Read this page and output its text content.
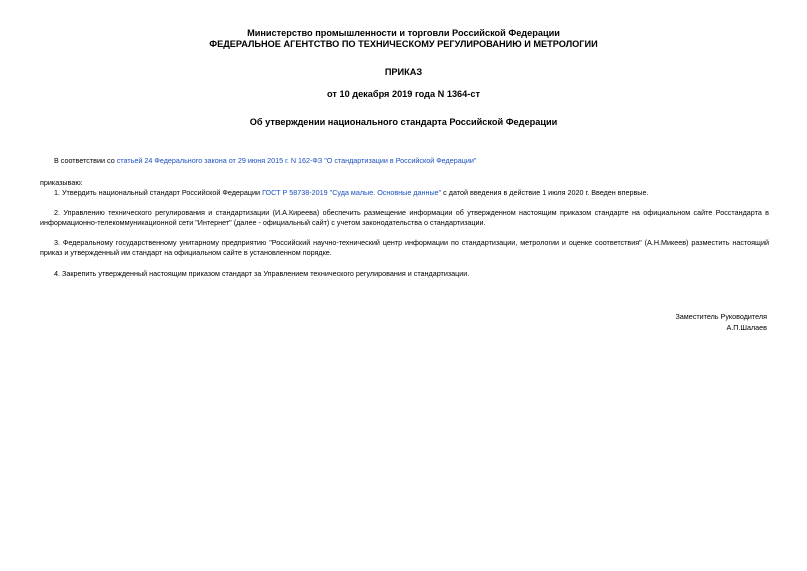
Министерство промышленности и торговли Российской Федерации
ФЕДЕРАЛЬНОЕ АГЕНТСТВО ПО ТЕХНИЧЕСКОМУ РЕГУЛИРОВАНИЮ И МЕТРОЛОГИИ
ПРИКАЗ
от 10 декабря 2019 года N 1364-ст
Об утверждении национального стандарта Российской Федерации
В соответствии со статьей 24 Федерального закона от 29 июня 2015 г. N 162-ФЗ "О стандартизации в Российской Федерации"
приказываю:
1. Утвердить национальный стандарт Российской Федерации ГОСТ Р 58738-2019 "Суда малые. Основные данные" с датой введения в действие 1 июля 2020 г. Введен впервые.
2. Управлению технического регулирования и стандартизации (И.А.Киреева) обеспечить размещение информации об утвержденном настоящим приказом стандарте на официальном сайте Росстандарта в информационно-телекоммуникационной сети "Интернет" (далее - официальный сайт) с учетом законодательства о стандартизации.
3. Федеральному государственному унитарному предприятию "Российский научно-технический центр информации по стандартизации, метрологии и оценке соответствия" (А.Н.Микеев) разместить настоящий приказ и утвержденный им стандарт на официальном сайте в установленном порядке.
4. Закрепить утвержденный настоящим приказом стандарт за Управлением технического регулирования и стандартизации.
Заместитель Руководителя
А.П.Шалаев
